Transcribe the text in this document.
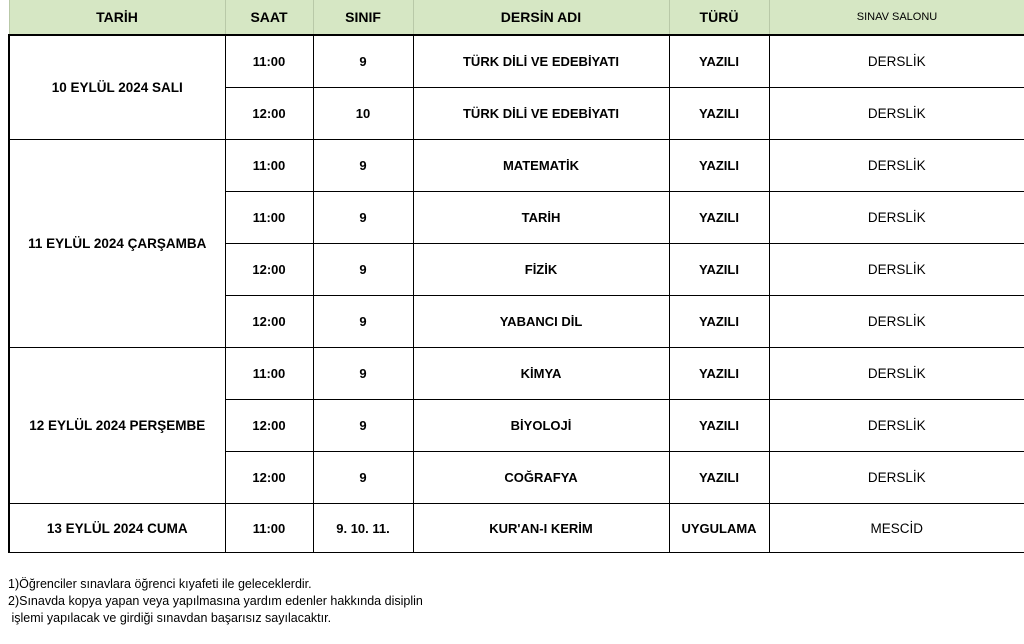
TARİH	SAAT	SINIF	DERSİN ADI	TÜRÜ	SINAV SALONU
10 EYLÜL 2024 SALI	11:00	9	TÜRK DİLİ VE EDEBİYATI	YAZILI	DERSLİK
	12:00	10	TÜRK DİLİ VE EDEBİYATI	YAZILI	DERSLİK
11 EYLÜL 2024 ÇARŞAMBA	11:00	9	MATEMATİK	YAZILI	DERSLİK
	11:00	9	TARİH	YAZILI	DERSLİK
	12:00	9	FİZİK	YAZILI	DERSLİK
	12:00	9	YABANCI DİL	YAZILI	DERSLİK
12 EYLÜL 2024 PERŞEMBE	11:00	9	KİMYA	YAZILI	DERSLİK
	12:00	9	BİYOLOJİ	YAZILI	DERSLİK
	12:00	9	COĞRAFYA	YAZILI	DERSLİK
13 EYLÜL 2024 CUMA	11:00	9. 10. 11.	KUR'AN-I KERİM	UYGULAMA	MESCİD
1)Öğrenciler sınavlara öğrenci kıyafeti ile geleceklerdir.
2)Sınavda kopya yapan veya yapılmasına yardım edenler hakkında disiplin
işlemi yapılacak ve girdiği sınavdan başarısız sayılacaktır.
